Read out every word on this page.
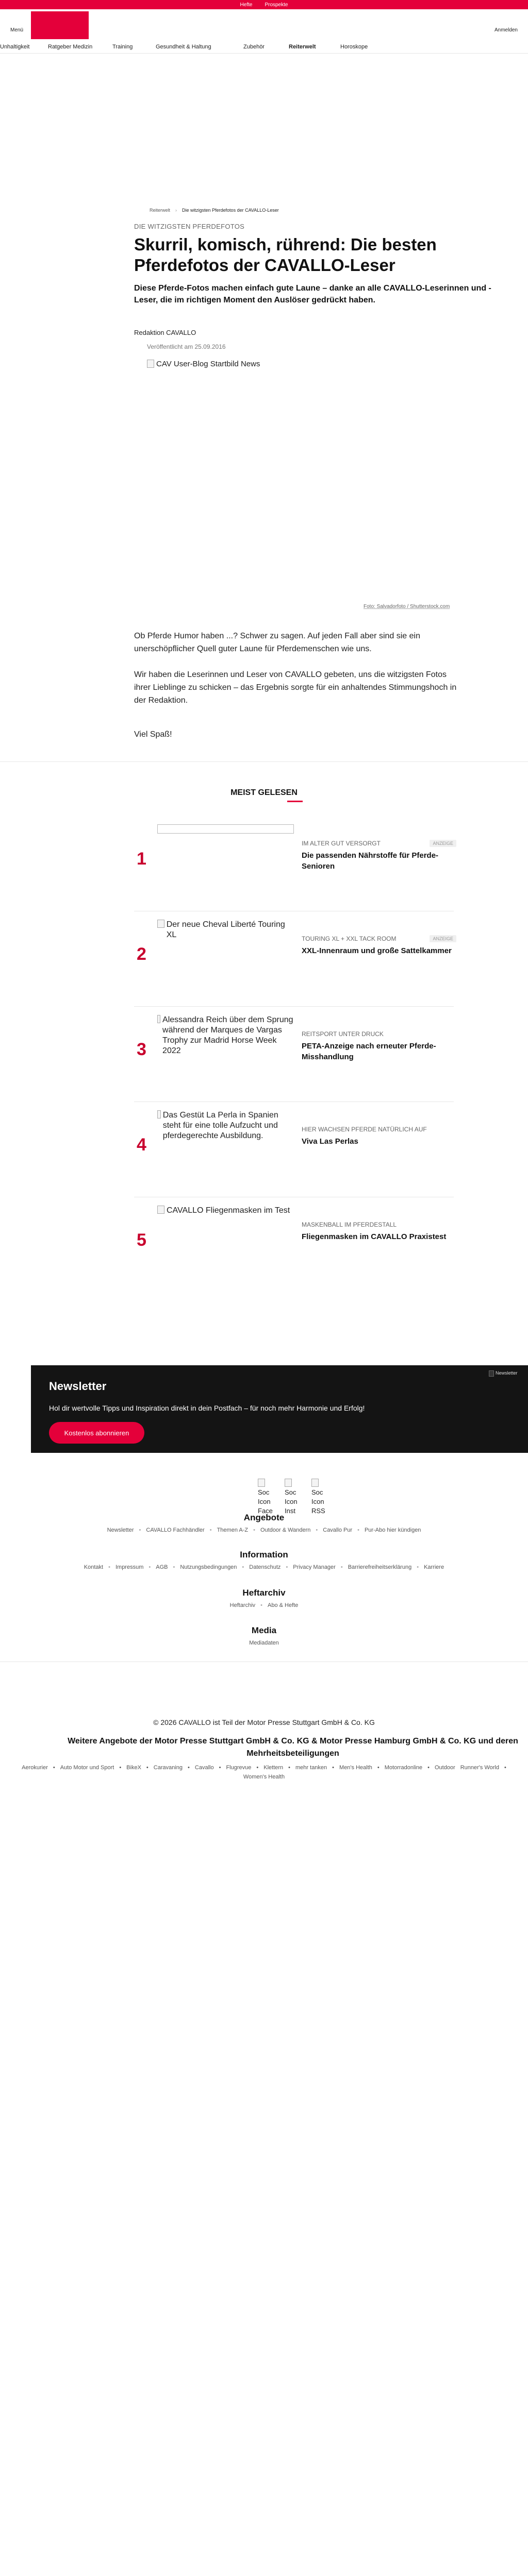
Hefte Prospekte
Menü	Anmelden
Unhaltigkeit	Ratgeber Medizin	Training	Gesundheit & Haltung	Zubehör	Reiterwelt	Horoskope
Reiterwelt › Die witzigsten Pferdefotos der CAVALLO-Leser
DIE WITZIGSTEN PFERDEFOTOS
Skurril, komisch, rührend: Die besten Pferdefotos der CAVALLO-Leser

Diese Pferde-Fotos machen einfach gute Laune – danke an alle CAVALLO-Leserinnen und -Leser, die im richtigen Moment den Auslöser gedrückt haben.

Redaktion CAVALLO
Veröffentlicht am 25.09.2016
CAV User-Blog Startbild News
Foto: Salvadorfoto / Shutterstock.com

Ob Pferde Humor haben ...? Schwer zu sagen. Auf jeden Fall aber sind sie ein unerschöpflicher Quell guter Laune für Pferdemenschen wie uns.

Wir haben die Leserinnen und Leser von CAVALLO gebeten, uns die witzigsten Fotos ihrer Lieblinge zu schicken – das Ergebnis sorgte für ein anhaltendes Stimmungshoch in der Redaktion.

Viel Spaß!

MEIST GELESEN
1
IM ALTER GUT VERSORGT	ANZEIGE
Die passenden Nährstoffe für Pferde-Senioren
2
Der neue Cheval Liberté Touring XL	TOURING XL + XXL TACK ROOM	ANZEIGE
XXL-Innenraum und große Sattelkammer
3
Alessandra Reich über dem Sprung während der Marques de Vargas Trophy zur Madrid Horse Week 2022
REITSPORT UNTER DRUCK
PETA-Anzeige nach erneuter Pferde-Misshandlung
4
Das Gestüt La Perla in Spanien steht für eine tolle Aufzucht und pferdegerechte Ausbildung.
HIER WACHSEN PFERDE NATÜRLICH AUF
Viva Las Perlas
5
CAVALLO Fliegenmasken im Test
MASKENBALL IM PFERDESTALL
Fliegenmasken im CAVALLO Praxistest
Newsletter
Hol dir wertvolle Tipps und Inspiration direkt in dein Postfach – für noch mehr Harmonie und Erfolg!
Kostenlos abonnieren
Newsletter
Soc
Icon
Face
Soc
Icon
Inst
Soc
Icon
RSS
Angebote
Newsletter • CAVALLO Fachhändler • Themen A-Z • Outdoor & Wandern • Cavallo Pur • Pur-Abo hier kündigen
Information
Kontakt • Impressum • AGB • Nutzungsbedingungen • Datenschutz • Privacy Manager • Barrierefreiheitserklärung • Karriere
Heftarchiv
Heftarchiv • Abo & Hefte
Media
Mediadaten
© 2026 CAVALLO ist Teil der Motor Presse Stuttgart GmbH & Co. KG
Weitere Angebote der Motor Presse Stuttgart GmbH & Co. KG & Motor Presse Hamburg GmbH & Co. KG und deren Mehrheitsbeteiligungen
Aerokurier • Auto Motor und Sport • BikeX • Caravaning • Cavallo • Flugrevue • Klettern • mehr tanken • Men's Health • Motorradonline • Outdoor Runner's World •
Women's Health
